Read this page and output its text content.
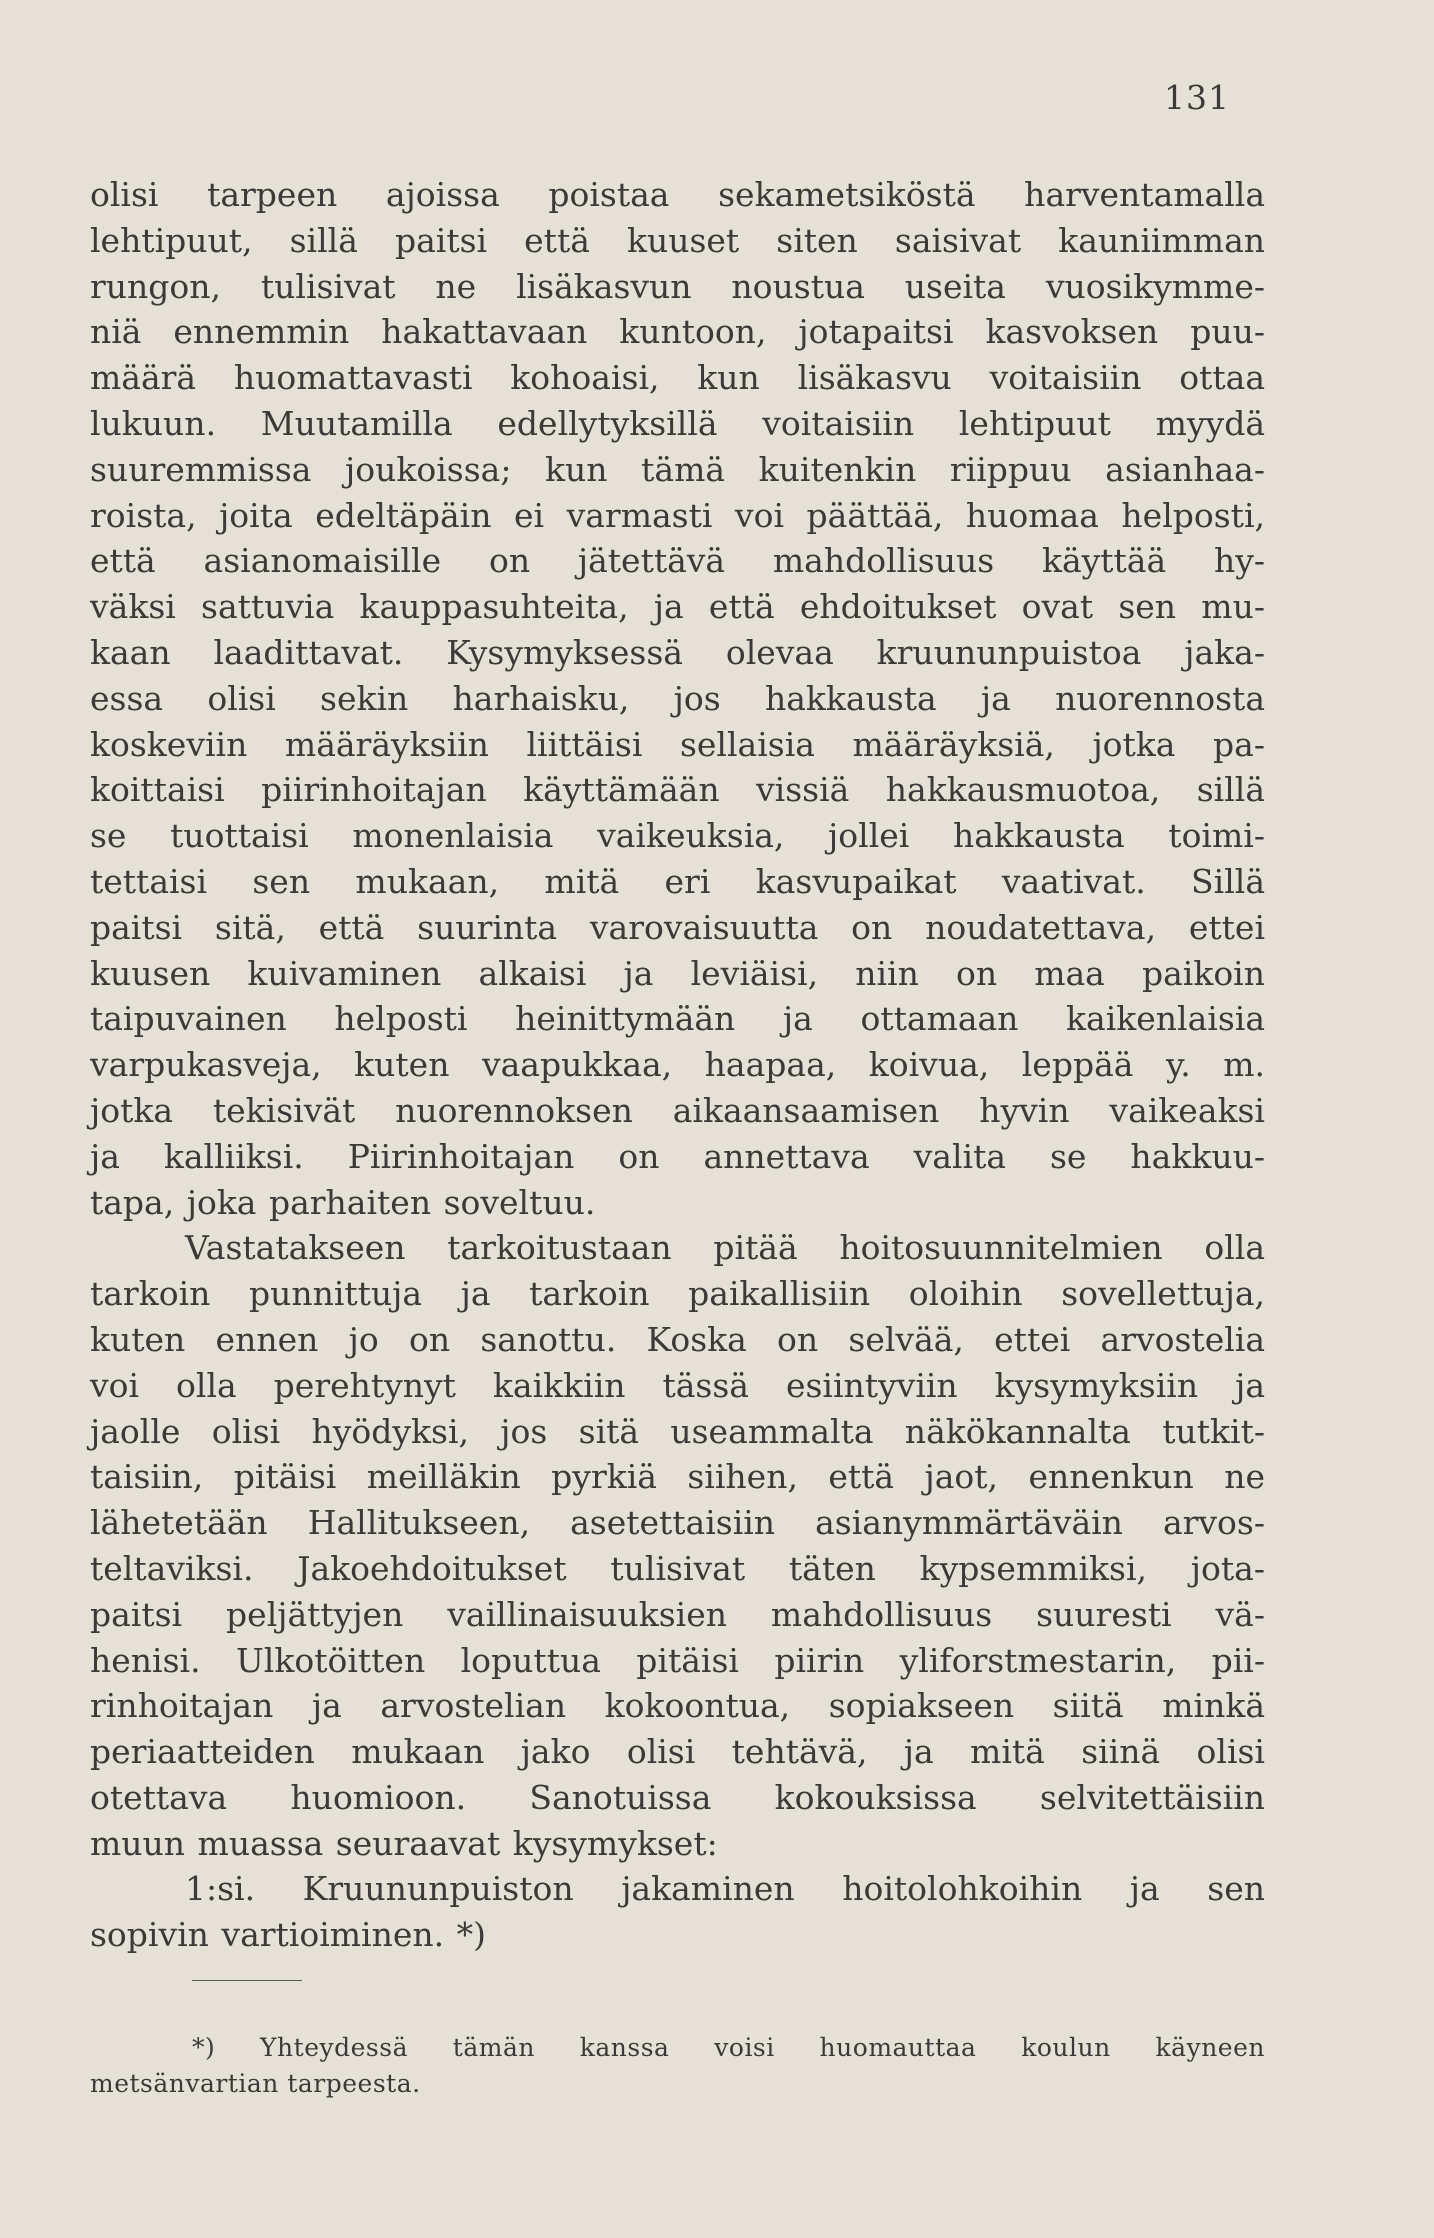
131
olisi tarpeen ajoissa poistaa sekametsiköstä harventamalla
lehtipuut, sillä paitsi että kuuset siten saisivat kauniimman
rungon, tulisivat ne lisäkasvun noustua useita vuosikymme-
niä ennemmin hakattavaan kuntoon, jotapaitsi kasvoksen puu-
määrä huomattavasti kohoaisi, kun lisäkasvu voitaisiin ottaa
lukuun. Muutamilla edellytyksillä voitaisiin lehtipuut myydä
suuremmissa joukoissa; kun tämä kuitenkin riippuu asianhaa-
roista, joita edeltäpäin ei varmasti voi päättää, huomaa helposti,
että asianomaisille on jätettävä mahdollisuus käyttää hy-
väksi sattuvia kauppasuhteita, ja että ehdoitukset ovat sen mu-
kaan laadittavat. Kysymyksessä olevaa kruununpuistoa jaka-
essa olisi sekin harhaisku, jos hakkausta ja nuorennosta
koskeviin määräyksiin liittäisi sellaisia määräyksiä, jotka pa-
koittaisi piirinhoitajan käyttämään vissiä hakkausmuotoa, sillä
se tuottaisi monenlaisia vaikeuksia, jollei hakkausta toimi-
tettaisi sen mukaan, mitä eri kasvupaikat vaativat. Sillä
paitsi sitä, että suurinta varovaisuutta on noudatettava, ettei
kuusen kuivaminen alkaisi ja leviäisi, niin on maa paikoin
taipuvainen helposti heinittymään ja ottamaan kaikenlaisia
varpukasveja, kuten vaapukkaa, haapaa, koivua, leppää y. m.
jotka tekisivät nuorennoksen aikaansaamisen hyvin vaikeaksi
ja kalliiksi. Piirinhoitajan on annettava valita se hakkuu-
tapa, joka parhaiten soveltuu.
Vastatakseen tarkoitustaan pitää hoitosuunnitelmien olla
tarkoin punnittuja ja tarkoin paikallisiin oloihin sovellettuja,
kuten ennen jo on sanottu. Koska on selvää, ettei arvostelia
voi olla perehtynyt kaikkiin tässä esiintyviin kysymyksiin ja
jaolle olisi hyödyksi, jos sitä useammalta näkökannalta tutkit-
taisiin, pitäisi meilläkin pyrkiä siihen, että jaot, ennenkun ne
lähetetään Hallitukseen, asetettaisiin asianymmärtäväin arvos-
teltaviksi. Jakoehdoitukset tulisivat täten kypsemmiksi, jota-
paitsi peljättyjen vaillinaisuuksien mahdollisuus suuresti vä-
henisi. Ulkotöitten loputtua pitäisi piirin yliforstmestarin, pii-
rinhoitajan ja arvostelian kokoontua, sopiakseen siitä minkä
periaatteiden mukaan jako olisi tehtävä, ja mitä siinä olisi
otettava huomioon. Sanotuissa kokouksissa selvitettäisiin
muun muassa seuraavat kysymykset:
1:si. Kruununpuiston jakaminen hoitolohkoihin ja sen
sopivin vartioiminen. *)
*) Yhteydessä tämän kanssa voisi huomauttaa koulun käyneen
metsänvartian tarpeesta.
